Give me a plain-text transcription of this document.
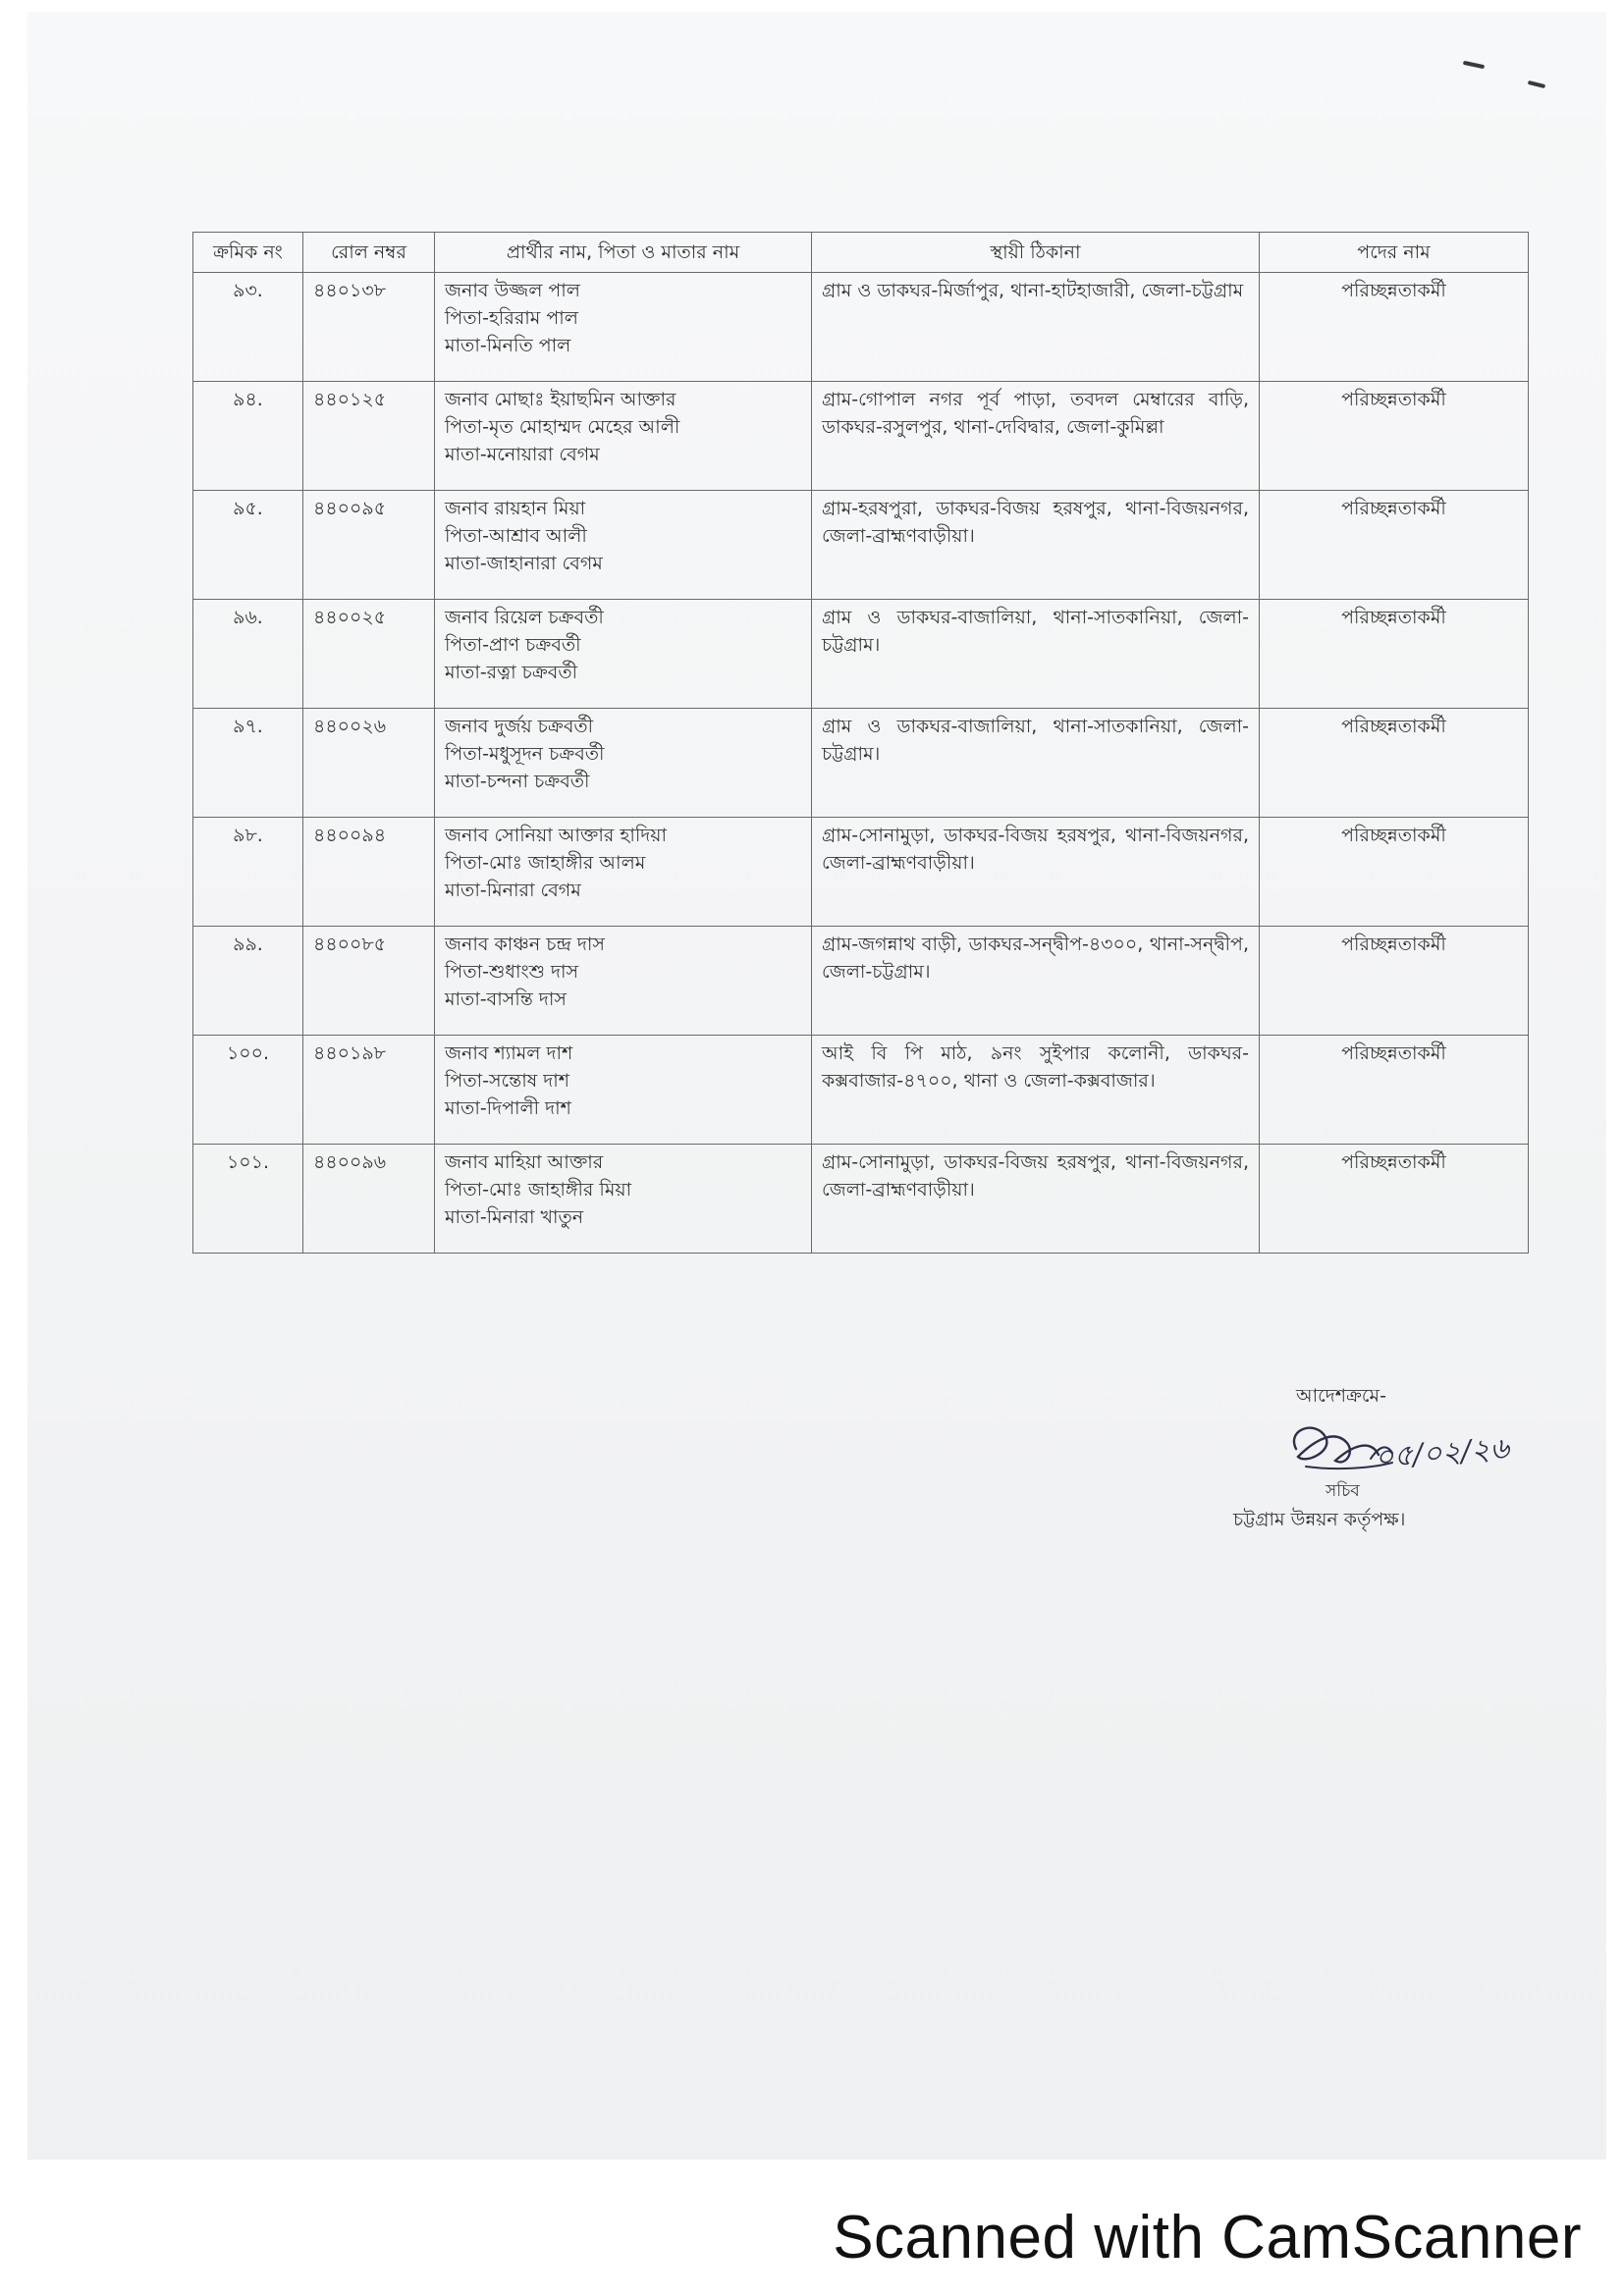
ক্রমিক নং	রোল নম্বর	প্রার্থীর নাম, পিতা ও মাতার নাম	স্থায়ী ঠিকানা	পদের নাম

৯৩.	৪৪০১৩৮	জনাব উজ্জল পাল
পিতা-হরিরাম পাল
মাতা-মিনতি পাল	গ্রাম ও ডাকঘর-মির্জাপুর, থানা-হাটহাজারী, জেলা-চট্টগ্রাম	পরিচ্ছন্নতাকর্মী

৯৪.	৪৪০১২৫	জনাব মোছাঃ ইয়াছমিন আক্তার
পিতা-মৃত মোহাম্মদ মেহের আলী
মাতা-মনোয়ারা বেগম	গ্রাম-গোপাল নগর পূর্ব পাড়া, তবদল মেম্বারের বাড়ি, ডাকঘর-রসুলপুর, থানা-দেবিদ্বার, জেলা-কুমিল্লা	পরিচ্ছন্নতাকর্মী

৯৫.	৪৪০০৯৫	জনাব রায়হান মিয়া
পিতা-আশ্রাব আলী
মাতা-জাহানারা বেগম	গ্রাম-হরষপুরা, ডাকঘর-বিজয় হরষপুর, থানা-বিজয়নগর, জেলা-ব্রাহ্মণবাড়ীয়া।	পরিচ্ছন্নতাকর্মী

৯৬.	৪৪০০২৫	জনাব রিয়েল চক্রবর্তী
পিতা-প্রাণ চক্রবর্তী
মাতা-রত্না চক্রবর্তী	গ্রাম ও ডাকঘর-বাজালিয়া, থানা-সাতকানিয়া, জেলা-চট্টগ্রাম।	পরিচ্ছন্নতাকর্মী

৯৭.	৪৪০০২৬	জনাব দুর্জয় চক্রবর্তী
পিতা-মধুসূদন চক্রবর্তী
মাতা-চন্দনা চক্রবর্তী	গ্রাম ও ডাকঘর-বাজালিয়া, থানা-সাতকানিয়া, জেলা-চট্টগ্রাম।	পরিচ্ছন্নতাকর্মী

৯৮.	৪৪০০৯৪	জনাব সোনিয়া আক্তার হাদিয়া
পিতা-মোঃ জাহাঙ্গীর আলম
মাতা-মিনারা বেগম	গ্রাম-সোনামুড়া, ডাকঘর-বিজয় হরষপুর, থানা-বিজয়নগর, জেলা-ব্রাহ্মণবাড়ীয়া।	পরিচ্ছন্নতাকর্মী

৯৯.	৪৪০০৮৫	জনাব কাঞ্চন চন্দ্র দাস
পিতা-শুধাংশু দাস
মাতা-বাসন্তি দাস	গ্রাম-জগন্নাথ বাড়ী, ডাকঘর-সন্দ্বীপ-৪৩০০, থানা-সন্দ্বীপ, জেলা-চট্টগ্রাম।	পরিচ্ছন্নতাকর্মী

১০০.	৪৪০১৯৮	জনাব শ্যামল দাশ
পিতা-সন্তোষ দাশ
মাতা-দিপালী দাশ	আই বি পি মাঠ, ৯নং সুইপার কলোনী, ডাকঘর-কক্সবাজার-৪৭০০, থানা ও জেলা-কক্সবাজার।	পরিচ্ছন্নতাকর্মী

১০১.	৪৪০০৯৬	জনাব মাহিয়া আক্তার
পিতা-মোঃ জাহাঙ্গীর মিয়া
মাতা-মিনারা খাতুন	গ্রাম-সোনামুড়া, ডাকঘর-বিজয় হরষপুর, থানা-বিজয়নগর, জেলা-ব্রাহ্মণবাড়ীয়া।	পরিচ্ছন্নতাকর্মী
আদেশক্রমে-
০৫/০২/২৬
সচিব
চট্টগ্রাম উন্নয়ন কর্তৃপক্ষ।
Scanned with CamScanner
